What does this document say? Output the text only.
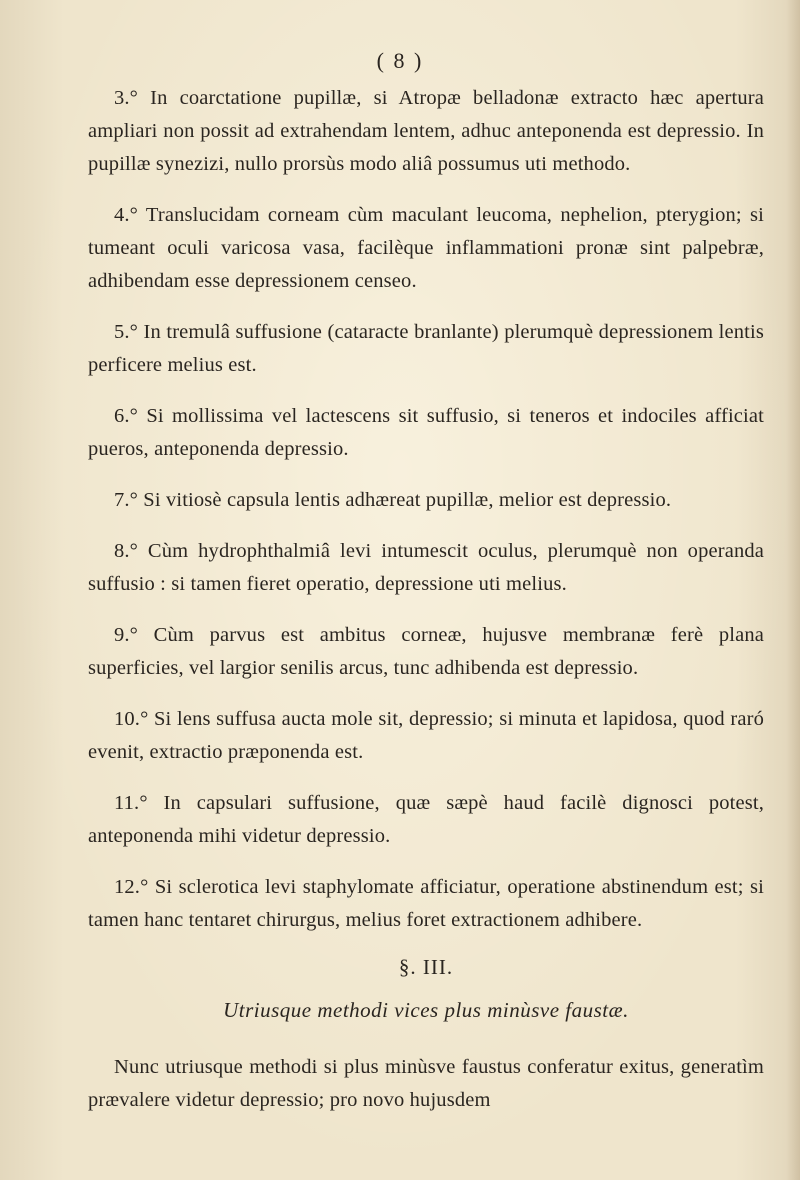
( 8 )

3.° In coarctatione pupillæ, si Atropæ belladonæ extracto hæc apertura ampliari non possit ad extrahendam lentem, adhuc anteponenda est depressio. In pupillæ synezizi, nullo prorsùs modo aliâ possumus uti methodo.

4.° Translucidam corneam cùm maculant leucoma, nephelion, pterygion; si tumeant oculi varicosa vasa, facilèque inflammationi pronæ sint palpebræ, adhibendam esse depressionem censeo.

5.° In tremulâ suffusione (cataracte branlante) plerumquè depressionem lentis perficere melius est.

6.° Si mollissima vel lactescens sit suffusio, si teneros et indociles afficiat pueros, anteponenda depressio.

7.° Si vitiosè capsula lentis adhæreat pupillæ, melior est depressio.

8.° Cùm hydrophthalmiâ levi intumescit oculus, plerumquè non operanda suffusio : si tamen fieret operatio, depressione uti melius.

9.° Cùm parvus est ambitus corneæ, hujusve membranæ ferè plana superficies, vel largior senilis arcus, tunc adhibenda est depressio.

10.° Si lens suffusa aucta mole sit, depressio; si minuta et lapidosa, quod raró evenit, extractio præponenda est.

11.° In capsulari suffusione, quæ sæpè haud facilè dignosci potest, anteponenda mihi videtur depressio.

12.° Si sclerotica levi staphylomate afficiatur, operatione abstinendum est; si tamen hanc tentaret chirurgus, melius foret extractionem adhibere.

§. III.
Utriusque methodi vices plus minùsve faustæ.

Nunc utriusque methodi si plus minùsve faustus conferatur exitus, generatìm prævalere videtur depressio; pro novo hujusdem
